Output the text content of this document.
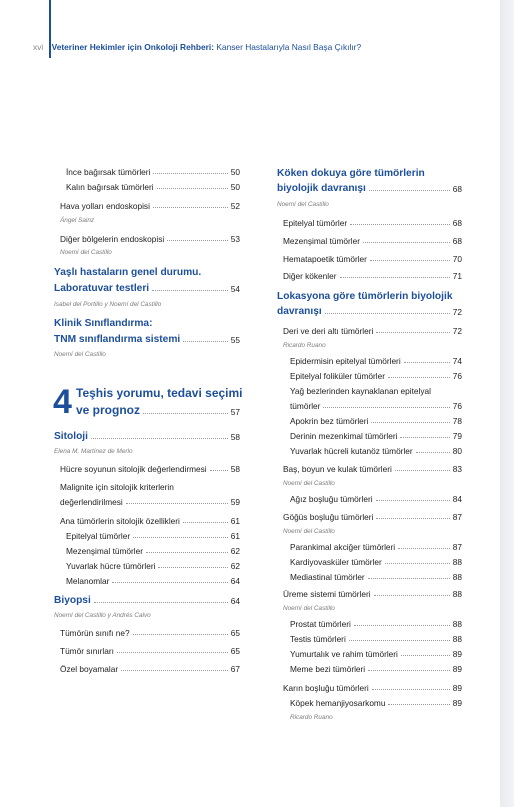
xvi Veteriner Hekimler için Onkoloji Rehberi: Kanser Hastalarıyla Nasıl Başa Çıkılır?
İnce bağırsak tümörleri	50
Kalın bağırsak tümörleri	50
Hava yolları endoskopisi	52
Ángel Sainz
Diğer bölgelerin endoskopisi	53
Noemí del Castillo
Yaşlı hastaların genel durumu.
Laboratuvar testleri	54
Isabel del Portillo y Noemí del Castillo
Klinik Sınıflandırma:
TNM sınıflandırma sistemi	55
Noemí del Castillo
4 Teşhis yorumu, tedavi seçimi
ve prognoz	57
Sitoloji	58
Elena M. Martínez de Merlo
Hücre soyunun sitolojik değerlendirmesi	58
Malignite için sitolojik kriterlerin
değerlendirilmesi	59
Ana tümörlerin sitolojik özellikleri	61
Epitelyal tümörler	61
Mezenşimal tümörler	62
Yuvarlak hücre tümörleri	62
Melanomlar	64
Biyopsi	64
Noemí del Castillo y Andrés Calvo
Tümörün sınıfı ne?	65
Tümör sınırları	65
Özel boyamalar	67
Köken dokuya göre tümörlerin
biyolojik davranışı	68
Noemí del Castillo
Epitelyal tümörler	68
Mezenşimal tümörler	68
Hematapoetik tümörler	70
Diğer kökenler	71
Lokasyona göre tümörlerin biyolojik
davranışı	72
Deri ve deri altı tümörleri	72
Ricardo Ruano
Epidermisin epitelyal tümörleri	74
Epitelyal foliküler tümörler	76
Yağ bezlerinden kaynaklanan epitelyal
tümörler	76
Apokrin bez tümörleri	78
Derinin mezenkimal tümörleri	79
Yuvarlak hücreli kutanöz tümörler	80
Baş, boyun ve kulak tümörleri	83
Noemí del Castillo
Ağız boşluğu tümörleri	84
Göğüs boşluğu tümörleri	87
Noemí del Castillo
Parankimal akciğer tümörleri	87
Kardiyovasküler tümörler	88
Mediastinal tümörler	88
Üreme sistemi tümörleri	88
Noemí del Castillo
Prostat tümörleri	88
Testis tümörleri	88
Yumurtalık ve rahim tümörleri	89
Meme bezi tümörleri	89
Karın boşluğu tümörleri	89
Köpek hemanjiyosarkomu	89
Ricardo Ruano
